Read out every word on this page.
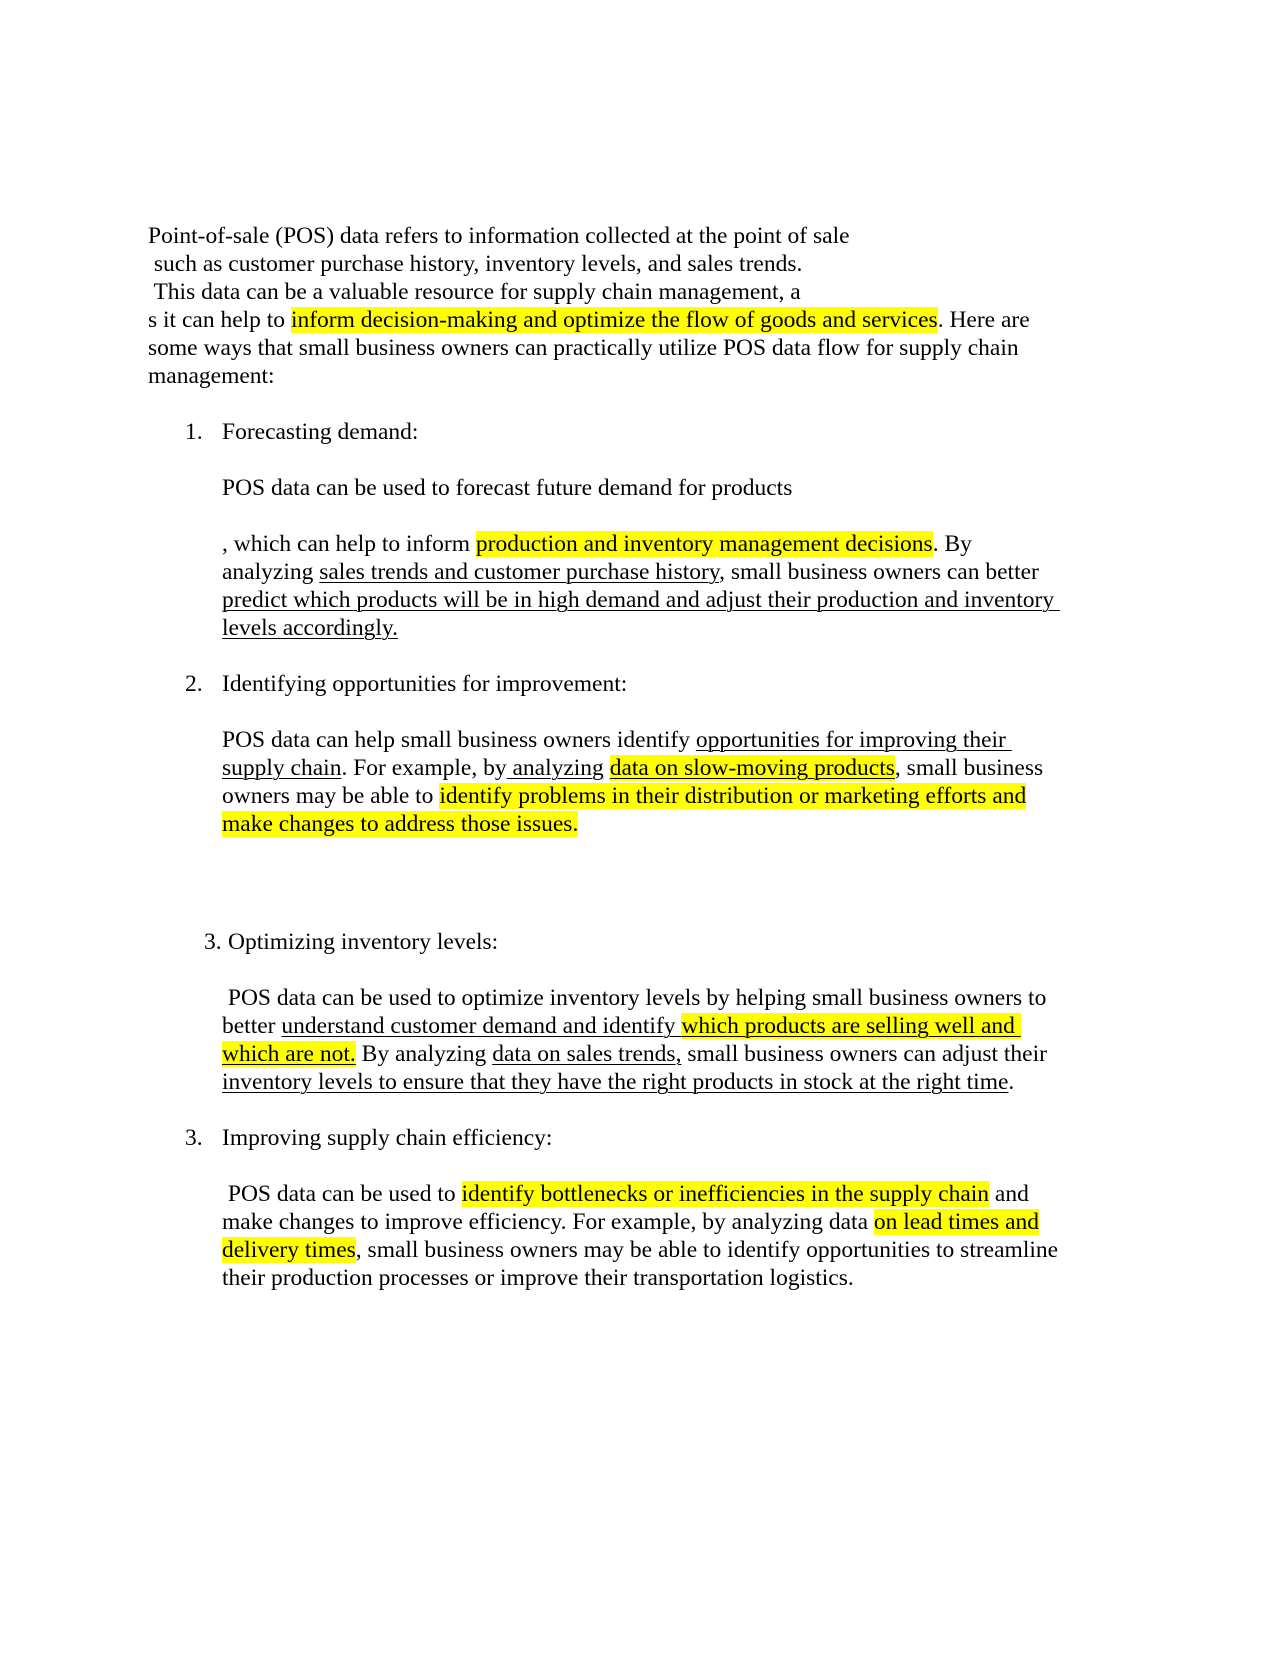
Point-of-sale (POS) data refers to information collected at the point of sale
such as customer purchase history, inventory levels, and sales trends.
This data can be a valuable resource for supply chain management, a
s it can help to inform decision-making and optimize the flow of goods and services. Here are
some ways that small business owners can practically utilize POS data flow for supply chain
management:
1. Forecasting demand:
POS data can be used to forecast future demand for products
, which can help to inform production and inventory management decisions. By
analyzing sales trends and customer purchase history, small business owners can better
predict which products will be in high demand and adjust their production and inventory
levels accordingly.
2. Identifying opportunities for improvement:
POS data can help small business owners identify opportunities for improving their
supply chain. For example, by analyzing data on slow-moving products, small business
owners may be able to identify problems in their distribution or marketing efforts and
make changes to address those issues.
3. Optimizing inventory levels:
POS data can be used to optimize inventory levels by helping small business owners to
better understand customer demand and identify which products are selling well and
which are not. By analyzing data on sales trends, small business owners can adjust their
inventory levels to ensure that they have the right products in stock at the right time.
3. Improving supply chain efficiency:
POS data can be used to identify bottlenecks or inefficiencies in the supply chain and
make changes to improve efficiency. For example, by analyzing data on lead times and
delivery times, small business owners may be able to identify opportunities to streamline
their production processes or improve their transportation logistics.
